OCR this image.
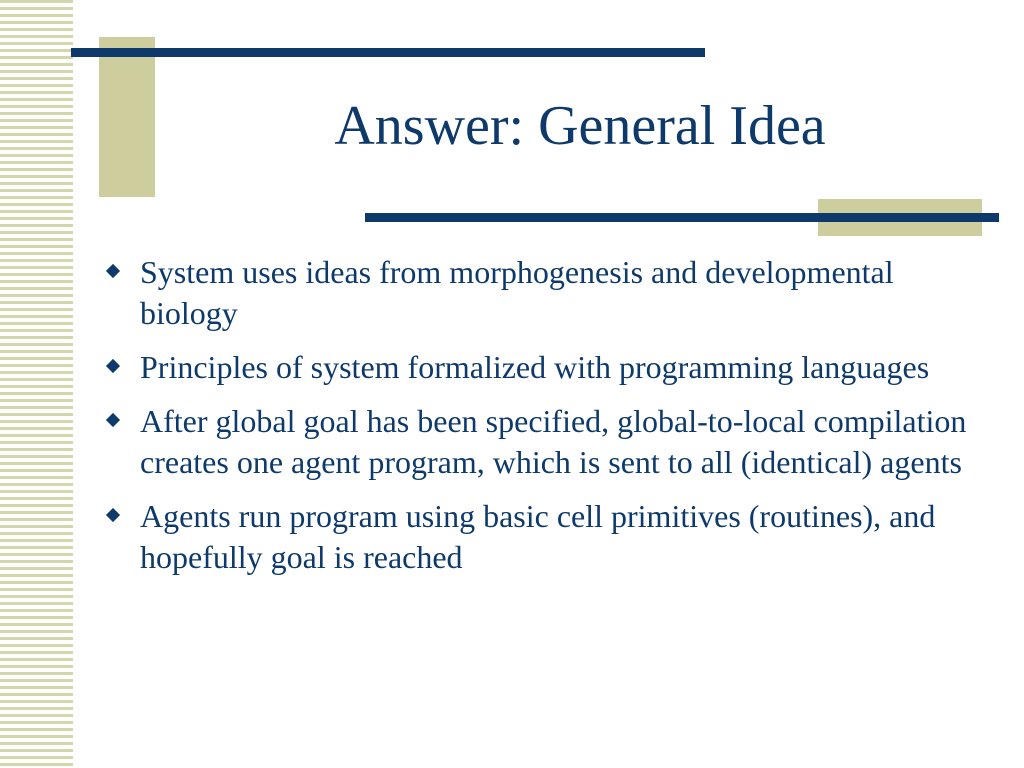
Answer: General Idea
System uses ideas from morphogenesis and developmental biology
Principles of system formalized with programming languages
After global goal has been specified, global-to-local compilation creates one agent program, which is sent to all (identical) agents
Agents run program using basic cell primitives (routines), and hopefully goal is reached
